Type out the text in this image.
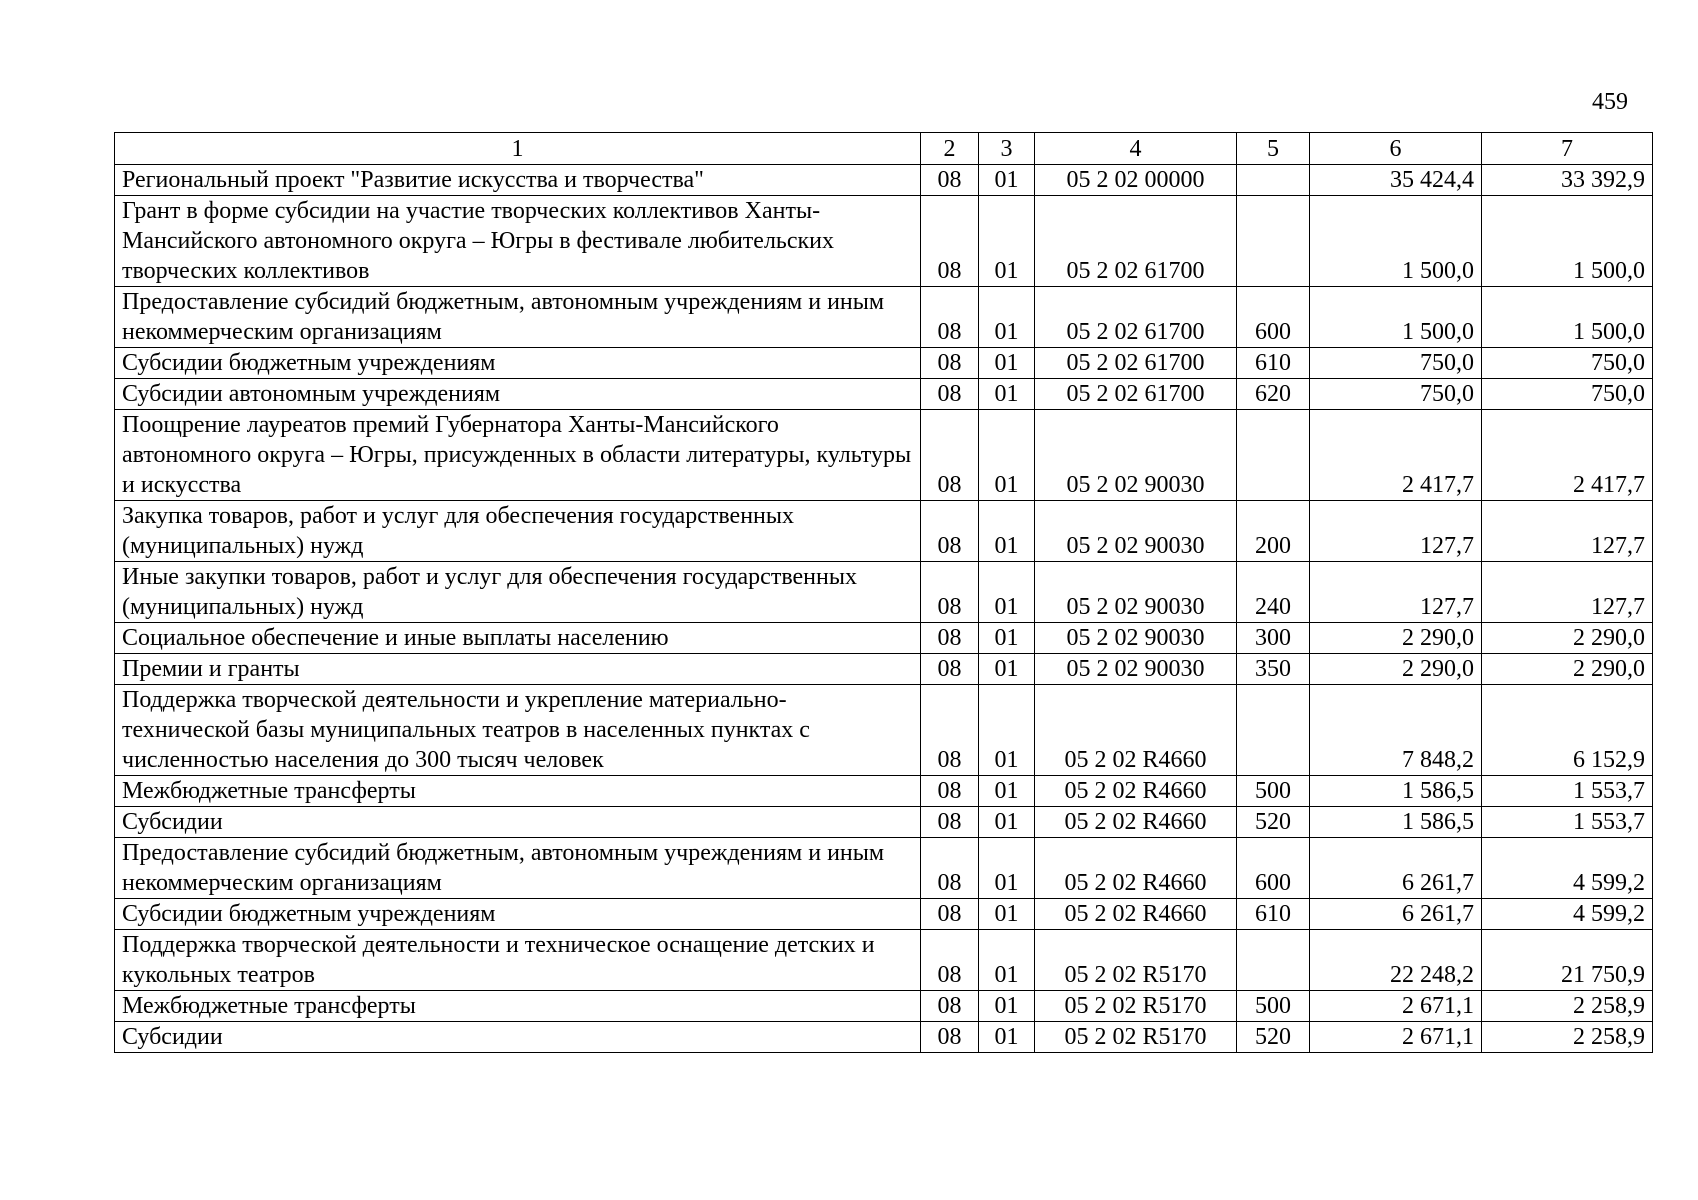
459
1	2	3	4	5	6	7
Региональный проект "Развитие искусства и творчества"	08	01	05 2 02 00000		35 424,4	33 392,9
Грант в форме субсидии на участие творческих коллективов Ханты-Мансийского автономного округа – Югры в фестивале любительских творческих коллективов	08	01	05 2 02 61700		1 500,0	1 500,0
Предоставление субсидий бюджетным, автономным учреждениям и иным некоммерческим организациям	08	01	05 2 02 61700	600	1 500,0	1 500,0
Субсидии бюджетным учреждениям	08	01	05 2 02 61700	610	750,0	750,0
Субсидии автономным учреждениям	08	01	05 2 02 61700	620	750,0	750,0
Поощрение лауреатов премий Губернатора Ханты-Мансийского автономного округа – Югры, присужденных в области литературы, культуры и искусства	08	01	05 2 02 90030		2 417,7	2 417,7
Закупка товаров, работ и услуг для обеспечения государственных (муниципальных) нужд	08	01	05 2 02 90030	200	127,7	127,7
Иные закупки товаров, работ и услуг для обеспечения государственных (муниципальных) нужд	08	01	05 2 02 90030	240	127,7	127,7
Социальное обеспечение и иные выплаты населению	08	01	05 2 02 90030	300	2 290,0	2 290,0
Премии и гранты	08	01	05 2 02 90030	350	2 290,0	2 290,0
Поддержка творческой деятельности и укрепление материально-технической базы муниципальных театров в населенных пунктах с численностью населения до 300 тысяч человек	08	01	05 2 02 R4660		7 848,2	6 152,9
Межбюджетные трансферты	08	01	05 2 02 R4660	500	1 586,5	1 553,7
Субсидии	08	01	05 2 02 R4660	520	1 586,5	1 553,7
Предоставление субсидий бюджетным, автономным учреждениям и иным некоммерческим организациям	08	01	05 2 02 R4660	600	6 261,7	4 599,2
Субсидии бюджетным учреждениям	08	01	05 2 02 R4660	610	6 261,7	4 599,2
Поддержка творческой деятельности и техническое оснащение детских и кукольных театров	08	01	05 2 02 R5170		22 248,2	21 750,9
Межбюджетные трансферты	08	01	05 2 02 R5170	500	2 671,1	2 258,9
Субсидии	08	01	05 2 02 R5170	520	2 671,1	2 258,9
